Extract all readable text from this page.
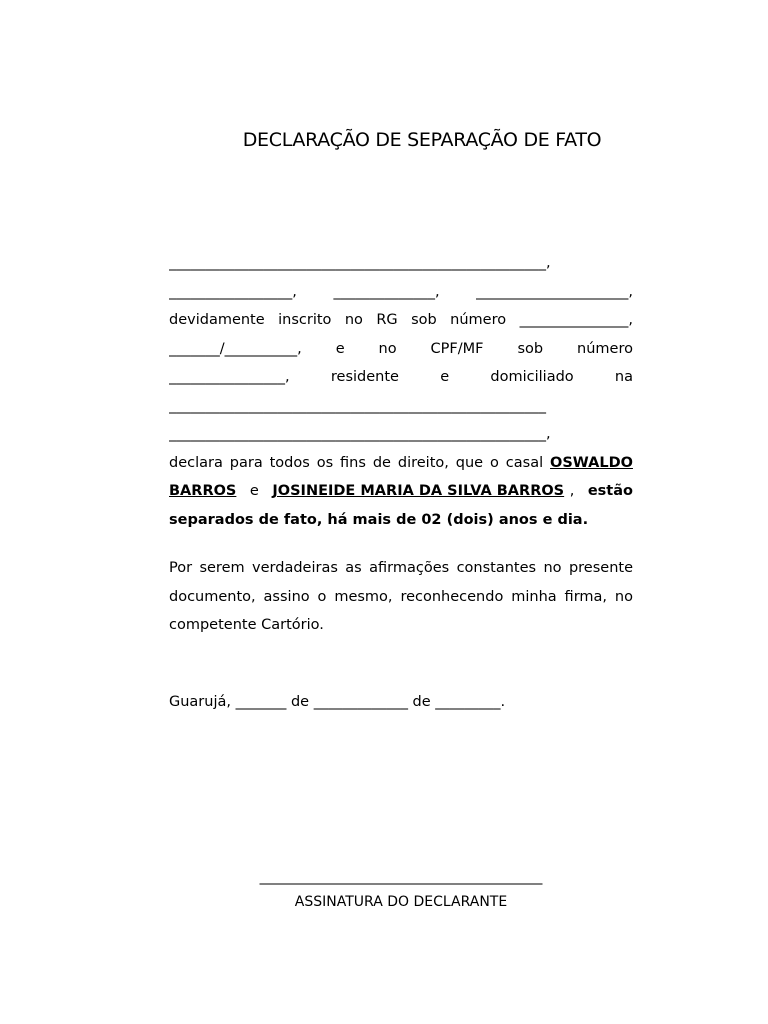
DECLARAÇÃO DE SEPARAÇÃO DE FATO
____________________________________________________,
_________________,	______________,	_____________________,
devidamente inscrito no RG sob número _______________,
_______/__________, e no CPF/MF sob número
________________,	residente	e	domiciliado	na
____________________________________________________
____________________________________________________,
declara para todos os fins de direito, que o casal OSWALDO
BARROS e JOSINEIDE MARIA DA SILVA BARROS , estão
separados de fato, há mais de 02 (dois) anos e dia.
Por serem verdadeiras as afirmações constantes no presente documento, assino o mesmo, reconhecendo minha firma, no competente Cartório.
Guarujá, _______ de _____________ de _________.
_______________________________________
ASSINATURA DO DECLARANTE
